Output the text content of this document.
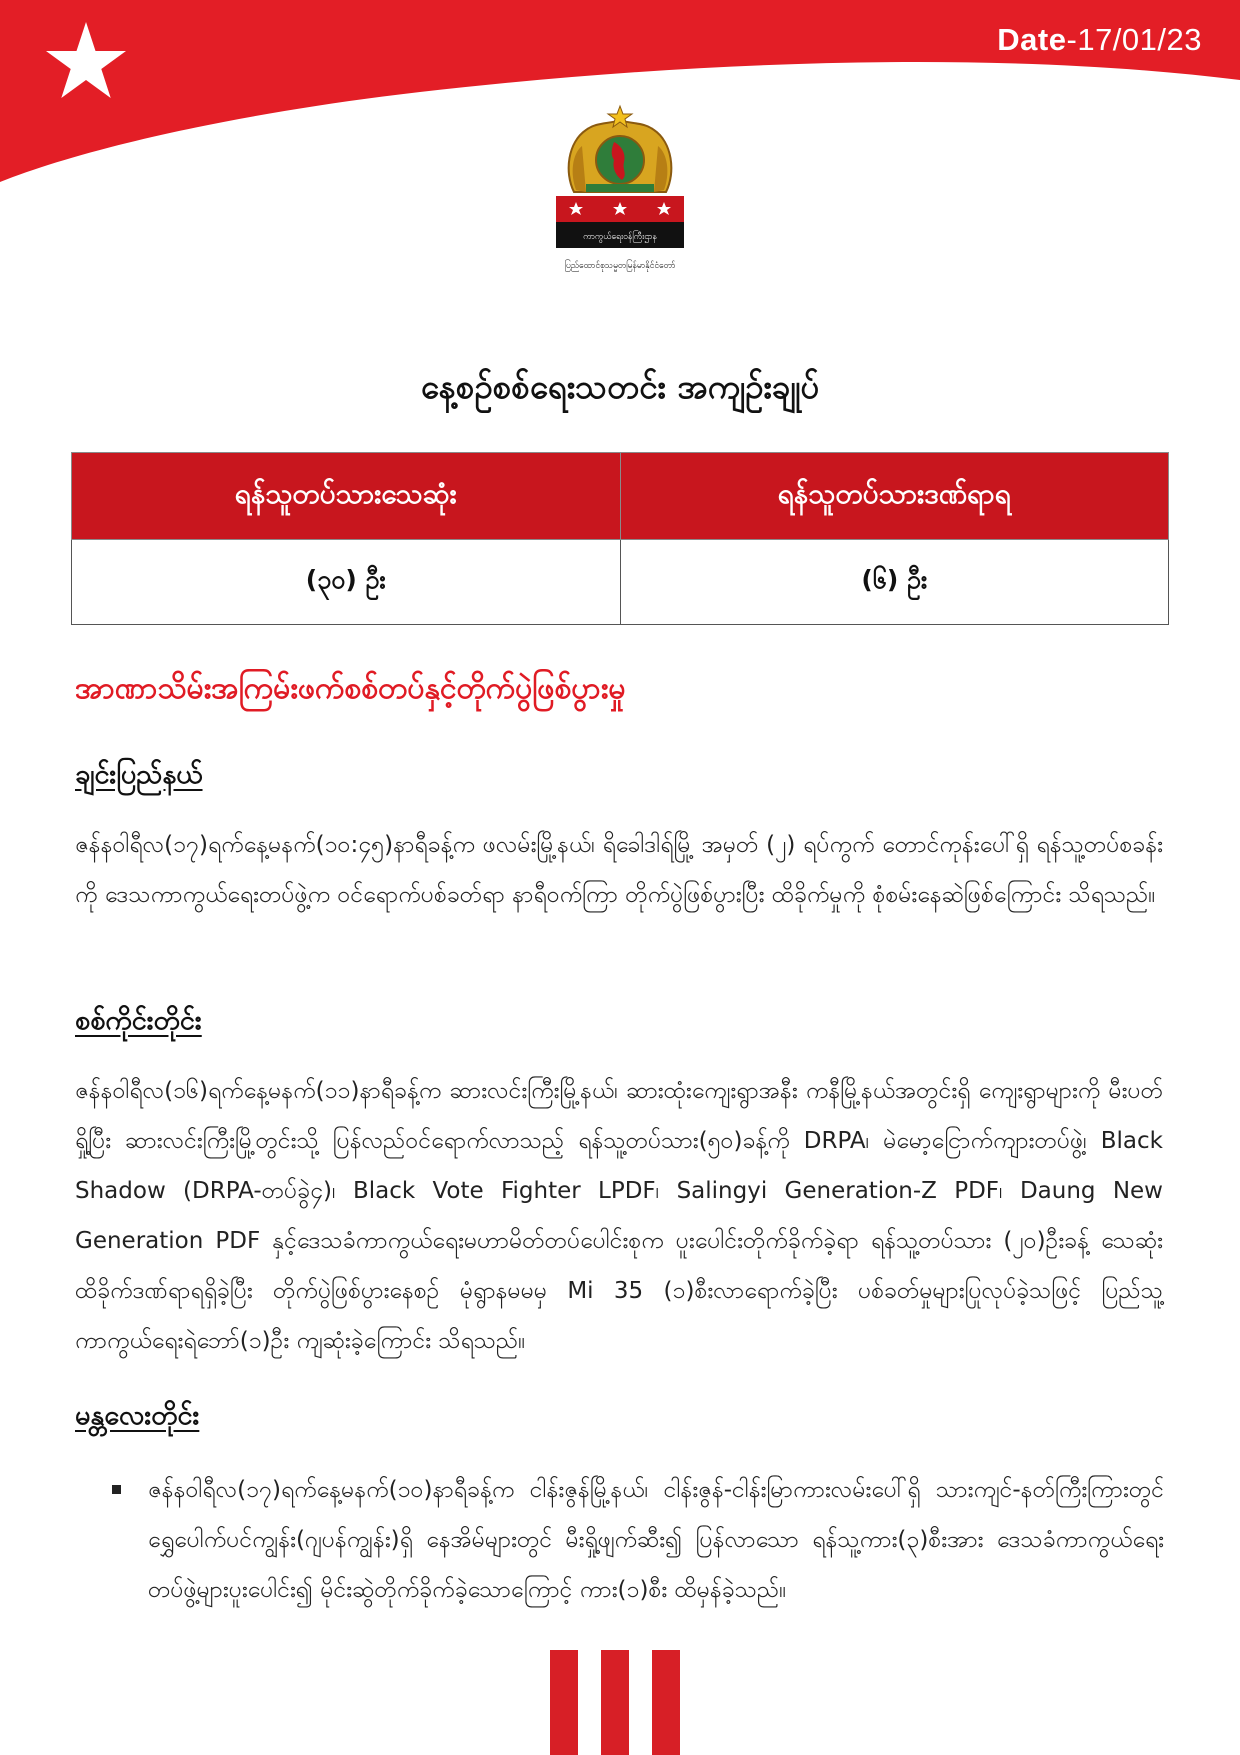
Date-17/01/23
ကာကွယ်ရေးဝန်ကြီးဌာန
ပြည်ထောင်စုသမ္မတမြန်မာနိုင်ငံတော်
နေ့စဉ်စစ်ရေးသတင်း အကျဉ်းချုပ်
ရန်သူတပ်သားသေဆုံး	ရန်သူတပ်သားဒဏ်ရာရ
(၃၀) ဦး	(၆) ဦး
အာဏာသိမ်းအကြမ်းဖက်စစ်တပ်နှင့်တိုက်ပွဲဖြစ်ပွားမှု
ချင်းပြည်နယ်
ဇန်နဝါရီလ(၁၇)ရက်နေ့မနက်(၁၀:၄၅)နာရီခန့်က ဖလမ်းမြို့နယ်၊ ရိခေါဒါရ်မြို့ အမှတ် (၂) ရပ်ကွက် တောင်ကုန်းပေါ်ရှိ ရန်သူ့တပ်စခန်းကို ဒေသကာကွယ်ရေးတပ်ဖွဲ့က ဝင်ရောက်ပစ်ခတ်ရာ နာရီဝက်ကြာ တိုက်ပွဲဖြစ်ပွားပြီး ထိခိုက်မှုကို စုံစမ်းနေဆဲဖြစ်ကြောင်း သိရသည်။
စစ်ကိုင်းတိုင်း
ဇန်နဝါရီလ(၁၆)ရက်နေ့မနက်(၁၁)နာရီခန့်က ဆားလင်းကြီးမြို့နယ်၊ ဆားထုံးကျေးရွာအနီး ကနီမြို့နယ်အတွင်းရှိ ကျေးရွာများကို မီးပတ်ရှို့ပြီး ဆားလင်းကြီးမြို့တွင်းသို့ ပြန်လည်ဝင်ရောက်လာသည့် ရန်သူ့တပ်သား(၅၀)ခန့်ကို DRPA၊ မဲမော့ငြောက်ကျားတပ်ဖွဲ့၊ Black Shadow (DRPA-တပ်ခွဲ၄)၊ Black Vote Fighter LPDF၊ Salingyi Generation-Z PDF၊ Daung New Generation PDF နှင့်ဒေသခံကာကွယ်ရေးမဟာမိတ်တပ်ပေါင်းစုက ပူးပေါင်းတိုက်ခိုက်ခဲ့ရာ ရန်သူ့တပ်သား (၂၀)ဦးခန့် သေဆုံး ထိခိုက်ဒဏ်ရာရရှိခဲ့ပြီး တိုက်ပွဲဖြစ်ပွားနေစဉ် မုံရွာနမမမှ Mi 35 (၁)စီးလာရောက်ခဲ့ပြီး ပစ်ခတ်မှုများပြုလုပ်ခဲ့သဖြင့် ပြည်သူ့ကာကွယ်ရေးရဲဘော်(၁)ဦး ကျဆုံးခဲ့ကြောင်း သိရသည်။
မန္တလေးတိုင်း
ဇန်နဝါရီလ(၁၇)ရက်နေ့မနက်(၁၀)နာရီခန့်က ငါန်းဇွန်မြို့နယ်၊ ငါန်းဇွန်-ငါန်းမြာကားလမ်းပေါ်ရှိ သားကျင်-နတ်ကြီးကြားတွင် ရွှေပေါက်ပင်ကျွန်း(ဂျပန်ကျွန်း)ရှိ နေအိမ်များတွင် မီးရှို့ဖျက်ဆီး၍ ပြန်လာသော ရန်သူ့ကား(၃)စီးအား ဒေသခံကာကွယ်ရေးတပ်ဖွဲ့များပူးပေါင်း၍ မိုင်းဆွဲတိုက်ခိုက်ခဲ့သောကြောင့် ကား(၁)စီး ထိမှန်ခဲ့သည်။
